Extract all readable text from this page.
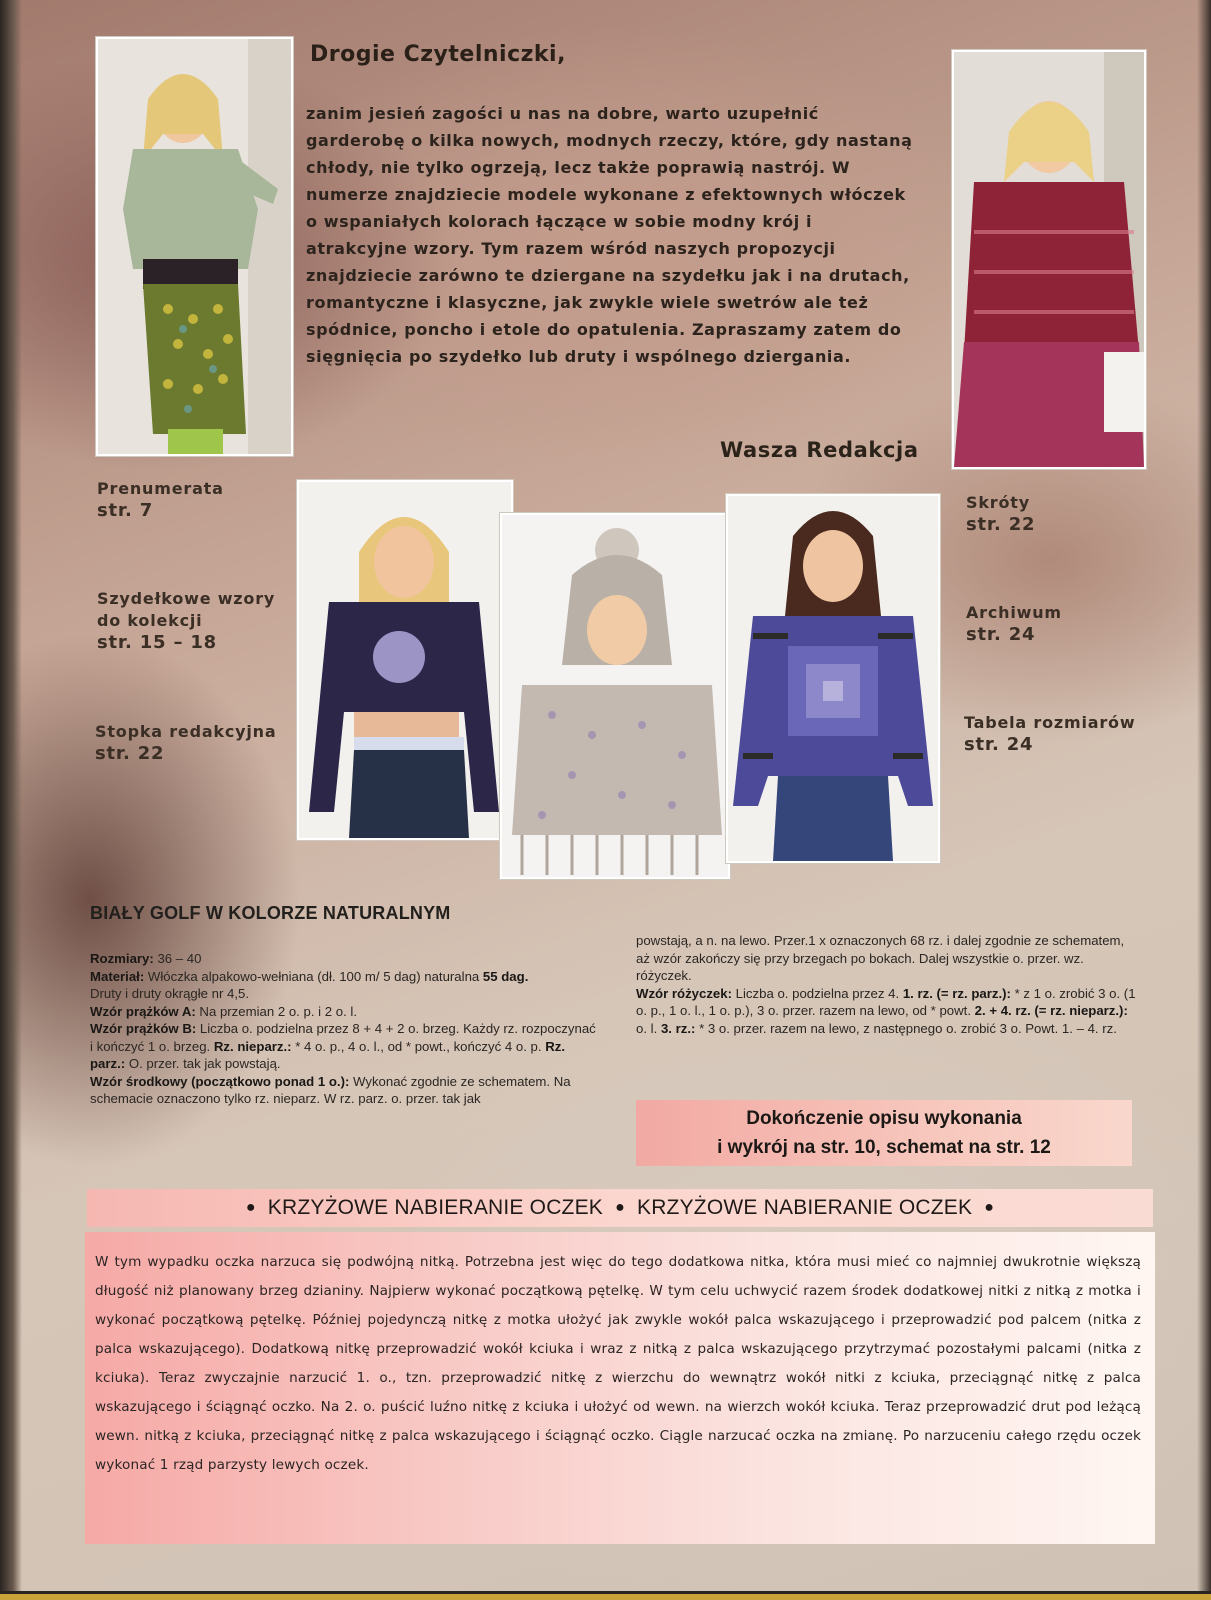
Drogie Czytelniczki,

zanim jesień zagości u nas na dobre, warto uzupełnić garderobę o kilka nowych, modnych rzeczy, które, gdy nastaną chłody, nie tylko ogrzeją, lecz także poprawią nastrój. W numerze znajdziecie modele wykonane z efektownych włóczek o wspaniałych kolorach łączące w sobie modny krój i atrakcyjne wzory. Tym razem wśród naszych propozycji znajdziecie zarówno te dziergane na szydełku jak i na drutach, romantyczne i klasyczne, jak zwykle wiele swetrów ale też spódnice, poncho i etole do opatulenia. Zapraszamy zatem do sięgnięcia po szydełko lub druty i wspólnego dziergania.

Wasza Redakcja

Prenumerata
str. 7

Szydełkowe wzory do kolekcji
str. 15 – 18

Stopka redakcyjna
str. 22

Skróty
str. 22

Archiwum
str. 24

Tabela rozmiarów
str. 24

BIAŁY GOLF W KOLORZE NATURALNYM
Rozmiary: 36 – 40
Materiał: Włóczka alpakowo-wełniana (dł. 100 m/ 5 dag) naturalna 55 dag.
Druty i druty okrągłe nr 4,5.
Wzór prążków A: Na przemian 2 o. p. i 2 o. l.
Wzór prążków B: Liczba o. podzielna przez 8 + 4 + 2 o. brzeg. Każdy rz. rozpoczynać i kończyć 1 o. brzeg. Rz. nieparz.: * 4 o. p., 4 o. l., od * powt., kończyć 4 o. p. Rz. parz.: O. przer. tak jak powstają.
Wzór środkowy (początkowo ponad 1 o.): Wykonać zgodnie ze schematem. Na schemacie oznaczono tylko rz. nieparz. W rz. parz. o. przer. tak jak
powstają, a n. na lewo. Przer.1 x oznaczonych 68 rz. i dalej zgodnie ze schematem, aż wzór zakończy się przy brzegach po bokach. Dalej wszystkie o. przer. wz. różyczek.
Wzór różyczek: Liczba o. podzielna przez 4. 1. rz. (= rz. parz.): * z 1 o. zrobić 3 o. (1 o. p., 1 o. l., 1 o. p.), 3 o. przer. razem na lewo, od * powt. 2. + 4. rz. (= rz. nieparz.): o. l. 3. rz.: * 3 o. przer. razem na lewo, z następnego o. zrobić 3 o. Powt. 1. – 4. rz.
Dokończenie opisu wykonania
i wykrój na str. 10, schemat na str. 12
● KRZYŻOWE NABIERANIE OCZEK ● KRZYŻOWE NABIERANIE OCZEK ●

W tym wypadku oczka narzuca się podwójną nitką. Potrzebna jest więc do tego dodatkowa nitka, która musi mieć co najmniej dwukrotnie większą długość niż planowany brzeg dzianiny. Najpierw wykonać początkową pętelkę. W tym celu uchwycić razem środek dodatkowej nitki z nitką z motka i wykonać początkową pętelkę. Później pojedynczą nitkę z motka ułożyć jak zwykle wokół palca wskazującego i przeprowadzić pod palcem (nitka z palca wskazującego). Dodatkową nitkę przeprowadzić wokół kciuka i wraz z nitką z palca wskazującego przytrzymać pozostałymi palcami (nitka z kciuka). Teraz zwyczajnie narzucić 1. o., tzn. przeprowadzić nitkę z wierzchu do wewnątrz wokół nitki z kciuka, przeciągnąć nitkę z palca wskazującego i ściągnąć oczko. Na 2. o. puścić luźno nitkę z kciuka i ułożyć od wewn. na wierzch wokół kciuka. Teraz przeprowadzić drut pod leżącą wewn. nitką z kciuka, przeciągnąć nitkę z palca wskazującego i ściągnąć oczko. Ciągle narzucać oczka na zmianę. Po narzuceniu całego rzędu oczek wykonać 1 rząd parzysty lewych oczek.
